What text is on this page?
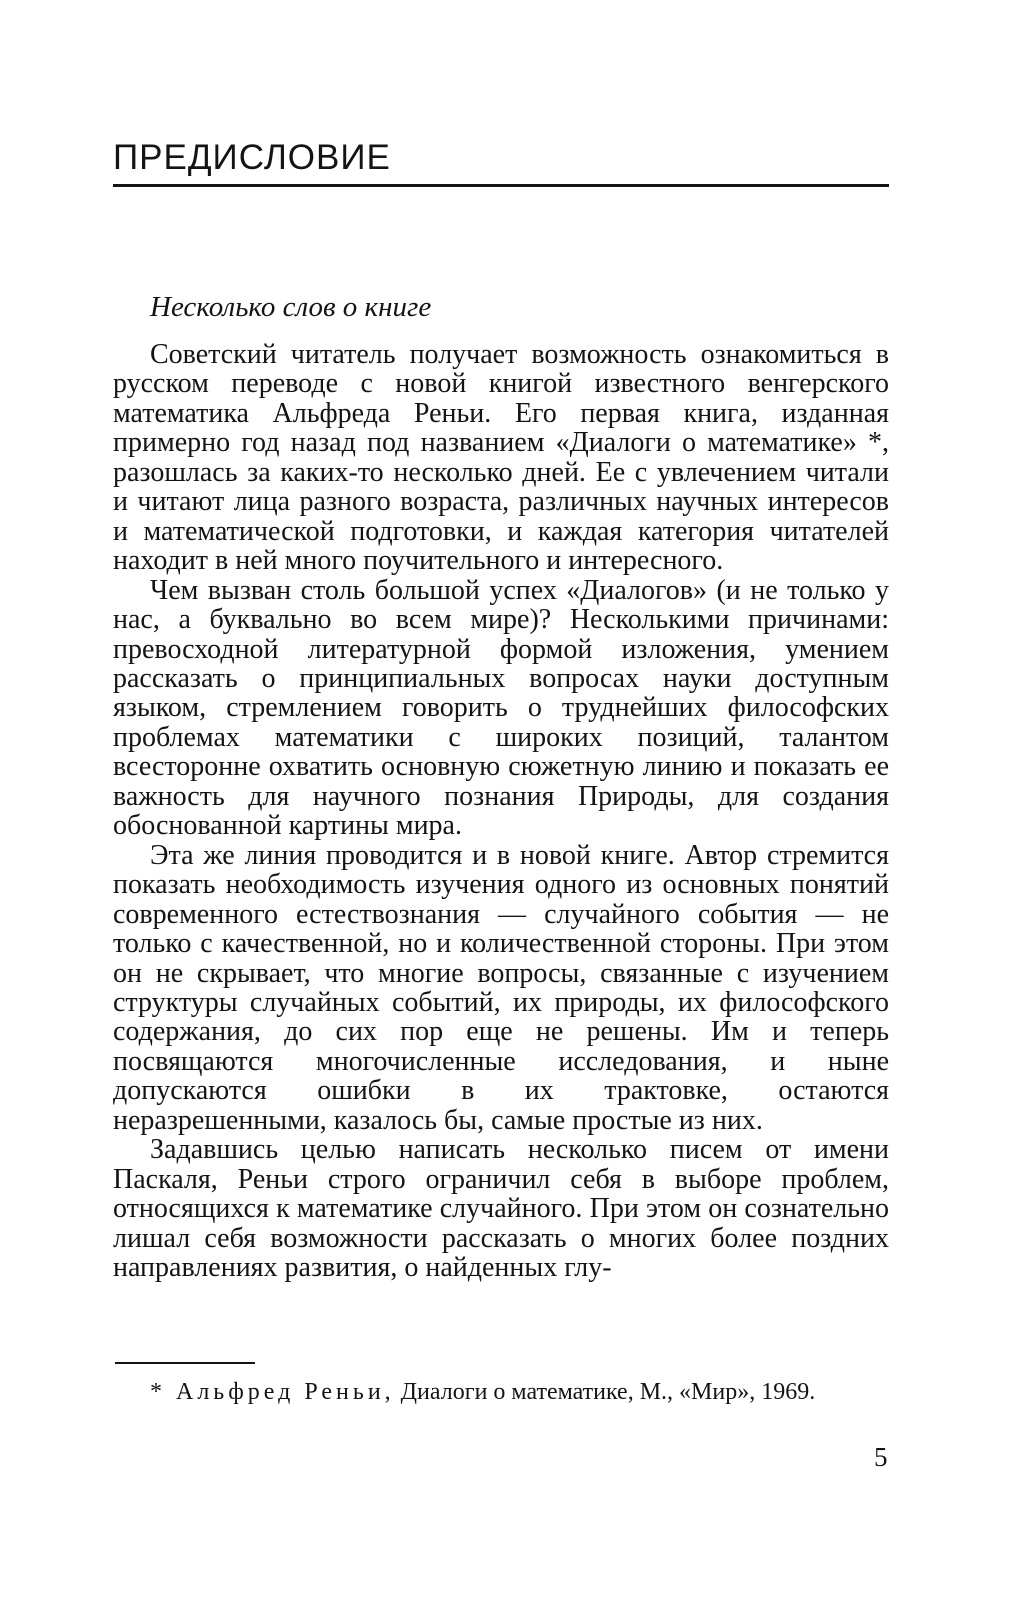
ПРЕДИСЛОВИЕ
Несколько слов о книге

Советский читатель получает возможность ознакомиться в русском переводе с новой книгой известного венгерского математика Альфреда Реньи. Его первая книга, изданная примерно год назад под названием «Диалоги о математике» *, разошлась за каких-то несколько дней. Ее с увлечением читали и читают лица разного возраста, различных научных интересов и математической подготовки, и каждая категория читателей находит в ней много поучительного и интересного.

Чем вызван столь большой успех «Диалогов» (и не только у нас, а буквально во всем мире)? Несколькими причинами: превосходной литературной формой изложения, умением рассказать о принципиальных вопросах науки доступным языком, стремлением говорить о труднейших философских проблемах математики с широких позиций, талантом всесторонне охватить основную сюжетную линию и показать ее важность для научного познания Природы, для создания обоснованной картины мира.

Эта же линия проводится и в новой книге. Автор стремится показать необходимость изучения одного из основных понятий современного естествознания — случайного события — не только с качественной, но и количественной стороны. При этом он не скрывает, что многие вопросы, связанные с изучением структуры случайных событий, их природы, их философского содержания, до сих пор еще не решены. Им и теперь посвящаются многочисленные исследования, и ныне допускаются ошибки в их трактовке, остаются неразрешенными, казалось бы, самые простые из них.

Задавшись целью написать несколько писем от имени Паскаля, Реньи строго ограничил себя в выборе проблем, относящихся к математике случайного. При этом он сознательно лишал себя возможности рассказать о многих более поздних направлениях развития, о найденных глу-

* Альфред Реньи, Диалоги о математике, М., «Мир», 1969.
5
